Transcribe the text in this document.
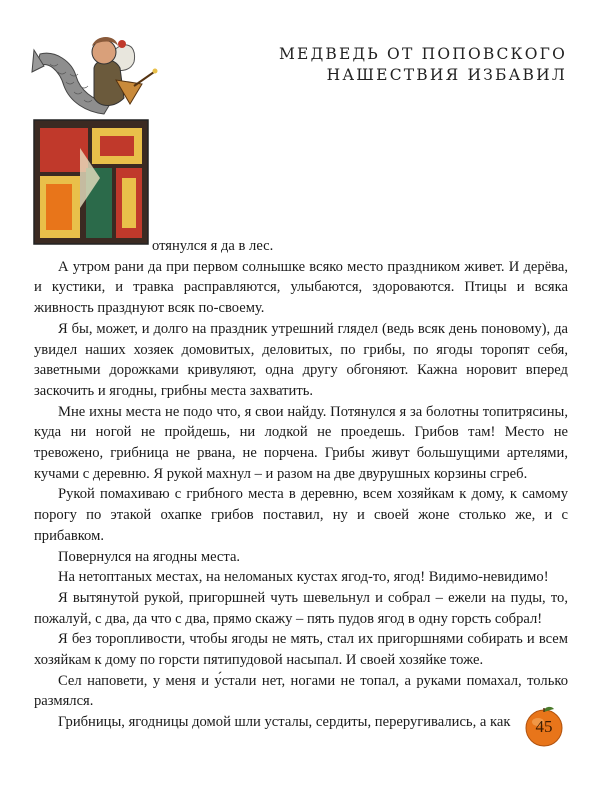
МЕДВЕДЬ ОТ ПОПОВСКОГО
НАШЕСТВИЯ ИЗБАВИЛ

отянулся я да в лес.

А утром рани да при первом солнышке всяко место праздником живет. И дерёва, и кустики, и травка расправляются, улыбаются, здороваются. Птицы и всяка живность празднуют всяк по-своему.

Я бы, может, и долго на праздник утрешний глядел (ведь всяк день поновому), да увидел наших хозяек домовитых, деловитых, по грибы, по ягоды торопят себя, заветными дорожками кривуляют, одна другу обгоняют. Кажна норовит вперед заскочить и ягодны, грибны места захватить.

Мне ихны места не подо что, я свои найду. Потянулся я за болотны топитрясины, куда ни ногой не пройдешь, ни лодкой не проедешь. Грибов там! Место не тревожено, грибница не рвана, не порчена. Грибы живут большущими артелями, кучами с деревню. Я рукой махнул – и разом на две двурушных корзины сгреб.

Рукой помахиваю с грибного места в деревню, всем хозяйкам к дому, к самому порогу по этакой охапке грибов поставил, ну и своей жоне столько же, и с прибавком.

Повернулся на ягодны места.

На нетоптаных местах, на неломаных кустах ягод-то, ягод! Видимо-невидимо!

Я вытянутой рукой, пригоршней чуть шевельнул и собрал – ежели на пуды, то, пожалуй, с два, да что с два, прямо скажу – пять пудов ягод в одну горсть собрал!

Я без торопливости, чтобы ягоды не мять, стал их пригоршнями собирать и всем хозяйкам к дому по горсти пятипудовой насыпал. И своей хозяйке тоже.

Сел наповети, у меня и у́стали нет, ногами не топал, а руками помахал, только размялся.

Грибницы, ягодницы домой шли усталы, сердиты, переругивались, а как	45
